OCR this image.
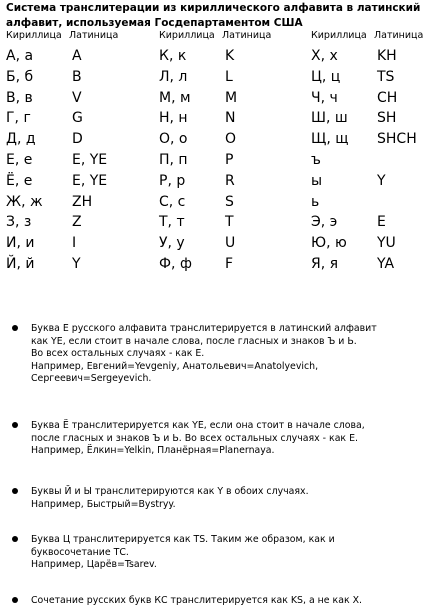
Система транслитерации из кириллического алфавита в латинский алфавит, используемая Госдепартаментом США
Кириллица Латиница
А, а	A
Б, б	B
В, в	V
Г, г	G
Д, д	D
Е, е	E, YE
Ё, е	E, YE
Ж, ж ZH
З, з	Z
И, и	I
Й, й	Y
Кириллица Латиница
К, к	K
Л, л	L
М, м M
Н, н	N
О, о	O
П, п	P
Р, р	R
С, с	S
Т, т	T
У, у	U
Ф, ф F
Кириллица Латиница
Х, х	KH
Ц, ц	TS
Ч, ч	CH
Ш, ш SH
Щ, щ SHCH
ъ
ы	Y
ь
Э, э	E
Ю, ю YU
Я, я	YA

Буква Е русского алфавита транслитерируется в латинский алфавит

как YE, если стоит в начале слова, после гласных и знаков Ъ и Ь.

Во всех остальных случаях - как E.

Например, Евгений=Yevgeniy, Анатольевич=Anatolyevich,

Сергеевич=Sergeyevich.

Буква Ё транслитерируется как YE, если она стоит в начале слова,

после гласных и знаков Ъ и Ь. Во всех остальных случаях - как E.

Например, Ёлкин=Yelkin, Планёрная=Planernaya.

Буквы Й и Ы транслитерируются как Y в обоих случаях.

Например, Быстрый=Bystryy.

Буква Ц транслитерируется как TS. Таким же образом, как и

буквосочетание ТС.

Например, Царёв=Tsarev.

Сочетание русских букв КС транслитерируется как KS, а не как X.
